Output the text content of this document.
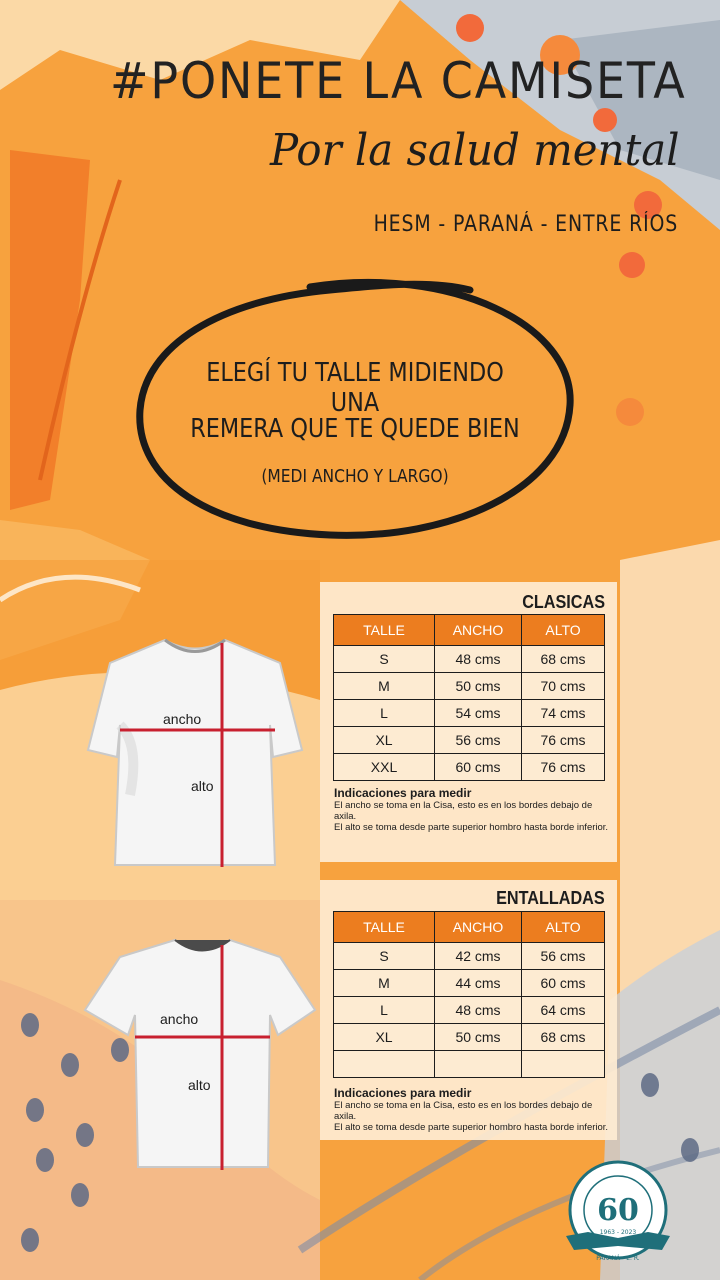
#PONETE LA CAMISETA
Por la salud mental
HESM - PARANÁ - ENTRE RÍOS
ELEGÍ TU TALLE MIDIENDO UNA
REMERA QUE TE QUEDE BIEN
(MEDI ANCHO Y LARGO)
CLASICAS
TALLE	ANCHO	ALTO
S	48 cms	68 cms
M	50 cms	70 cms
L	54 cms	74 cms
XL	56 cms	76 cms
XXL	60 cms	76 cms
Indicaciones para medir
El ancho se toma en la Cisa, esto es en los bordes debajo de axila.
El alto se toma desde parte superior hombro hasta borde inferior.
ENTALLADAS
TALLE	ANCHO	ALTO
S	42 cms	56 cms
M	44 cms	60 cms
L	48 cms	64 cms
XL	50 cms	68 cms

Indicaciones para medir
El ancho se toma en la Cisa, esto es en los bordes debajo de axila.
El alto se toma desde parte superior hombro hasta borde inferior.
ancho
alto
ancho
alto
60
1963 - 2023
PARANÁ - E. R.
